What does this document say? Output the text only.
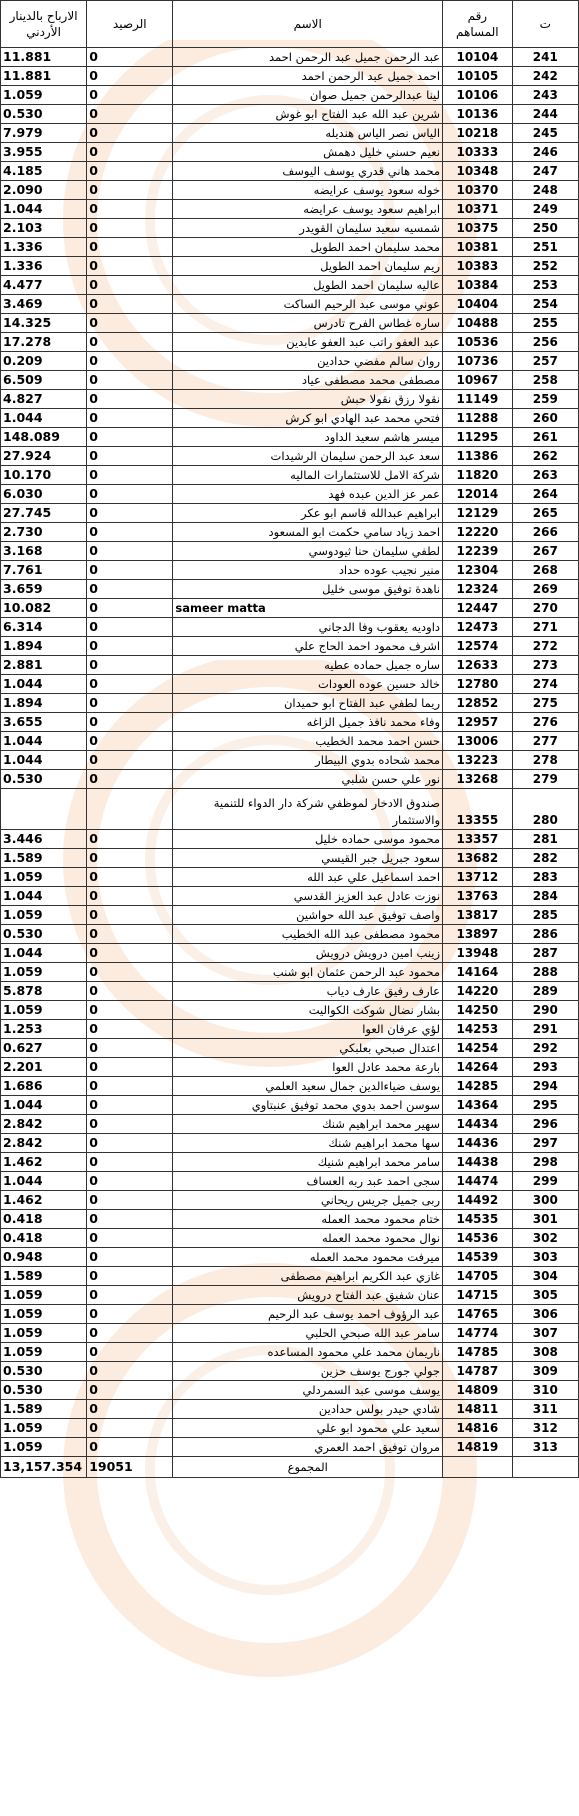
الارباح بالدينار الأردني	الرصيد	الاسم	رقم المساهم	ت
11.881	0	عبد الرحمن جميل عبد الرحمن احمد	10104	241
11.881	0	احمد جميل عبد الرحمن احمد	10105	242
1.059	0	لينا عبدالرحمن جميل صوان	10106	243
0.530	0	شرين عبد الله عبد الفتاح ابو غوش	10136	244
7.979	0	الياس نصر الياس هنديله	10218	245
3.955	0	نعيم حسني خليل دهمش	10333	246
4.185	0	محمد هاني قدري يوسف اليوسف	10348	247
2.090	0	خوله سعود يوسف عرايضه	10370	248
1.044	0	ابراهيم سعود يوسف عرايضه	10371	249
2.103	0	شمسيه سعيد سليمان القويدر	10375	250
1.336	0	محمد سليمان احمد الطويل	10381	251
1.336	0	ريم سليمان احمد الطويل	10383	252
4.477	0	عاليه سليمان احمد الطويل	10384	253
3.469	0	عوني موسى عبد الرحيم الساكت	10404	254
14.325	0	ساره غطاس الفرح تادرس	10488	255
17.278	0	عبد العفو راتب عبد العفو عابدين	10536	256
0.209	0	روان سالم مفضي حدادين	10736	257
6.509	0	مصطفى محمد مصطفى عياد	10967	258
4.827	0	نقولا رزق نقولا حبش	11149	259
1.044	0	فتحي محمد عبد الهادي ابو كرش	11288	260
148.089	0	ميسر هاشم سعيد الداود	11295	261
27.924	0	سعد عبد الرحمن سليمان الرشيدات	11386	262
10.170	0	شركة الامل للاستثمارات الماليه	11820	263
6.030	0	عمر عز الدين عبده فهد	12014	264
27.745	0	ابراهيم عبدالله قاسم ابو عكر	12129	265
2.730	0	احمد زياد سامي حكمت ابو المسعود	12220	266
3.168	0	لطفي سليمان حنا ثيودوسي	12239	267
7.761	0	منير نجيب عوده حداد	12304	268
3.659	0	ناهدة توفيق موسى خليل	12324	269
10.082	0	sameer matta	12447	270
6.314	0	داوديه يعقوب وفا الدجاني	12473	271
1.894	0	اشرف محمود احمد الحاج علي	12574	272
2.881	0	ساره جميل حماده عطيه	12633	273
1.044	0	خالد حسين عوده العودات	12780	274
1.894	0	ريما لطفي عبد الفتاح ابو حميدان	12852	275
3.655	0	وفاء محمد نافذ جميل الزاغه	12957	276
1.044	0	حسن احمد محمد الخطيب	13006	277
1.044	0	محمد شحاده بدوي البيطار	13223	278
0.530	0	نور علي حسن شلبي	13268	279
		صندوق الادخار لموظفي شركة دار الدواء للتنمية والاستثمار	13355	280
3.446	0	محمود موسى حماده خليل	13357	281
1.589	0	سعود جبريل جبر القيسي	13682	282
1.059	0	احمد اسماعيل علي عبد الله	13712	283
1.044	0	نوزت عادل عبد العزيز القدسي	13763	284
1.059	0	واصف توفيق عبد الله حواشين	13817	285
0.530	0	محمود مصطفى عبد الله الخطيب	13897	286
1.044	0	زينب امين درويش درويش	13948	287
1.059	0	محمود عبد الرحمن عثمان ابو شنب	14164	288
5.878	0	عارف رفيق عارف دياب	14220	289
1.059	0	بشار نضال شوكت الكواليت	14250	290
1.253	0	لؤي عرفان العوا	14253	291
0.627	0	اعتدال صبحي بعلبكي	14254	292
2.201	0	بارعة محمد عادل العوا	14264	293
1.686	0	يوسف ضياءالدين جمال سعيد العلمي	14285	294
1.044	0	سوسن احمد بدوي محمد توفيق عنبتاوي	14364	295
2.842	0	سهير محمد ابراهيم شنك	14434	296
2.842	0	سها محمد ابراهيم شنك	14436	297
1.462	0	سامر محمد ابراهيم شنيك	14438	298
1.044	0	سجى احمد عبد ربه العساف	14474	299
1.462	0	ربى جميل جريس ريحاني	14492	300
0.418	0	ختام محمود محمد العمله	14535	301
0.418	0	نوال محمود محمد العمله	14536	302
0.948	0	ميرفت محمود محمد العمله	14539	303
1.589	0	غازي عبد الكريم ابراهيم مصطفى	14705	304
1.059	0	عنان شفيق عبد الفتاح درويش	14715	305
1.059	0	عبد الرؤوف احمد يوسف عبد الرحيم	14765	306
1.059	0	سامر عبد الله صبحي الحلبي	14774	307
1.059	0	ناريمان محمد علي محمود المساعده	14785	308
0.530	0	جولي جورج يوسف حزين	14787	309
0.530	0	يوسف موسى عبد السمردلي	14809	310
1.589	0	شادي حيدر بولس حدادين	14811	311
1.059	0	سعيد علي محمود ابو علي	14816	312
1.059	0	مروان توفيق احمد العمري	14819	313
13,157.354	19051	المجموع		
